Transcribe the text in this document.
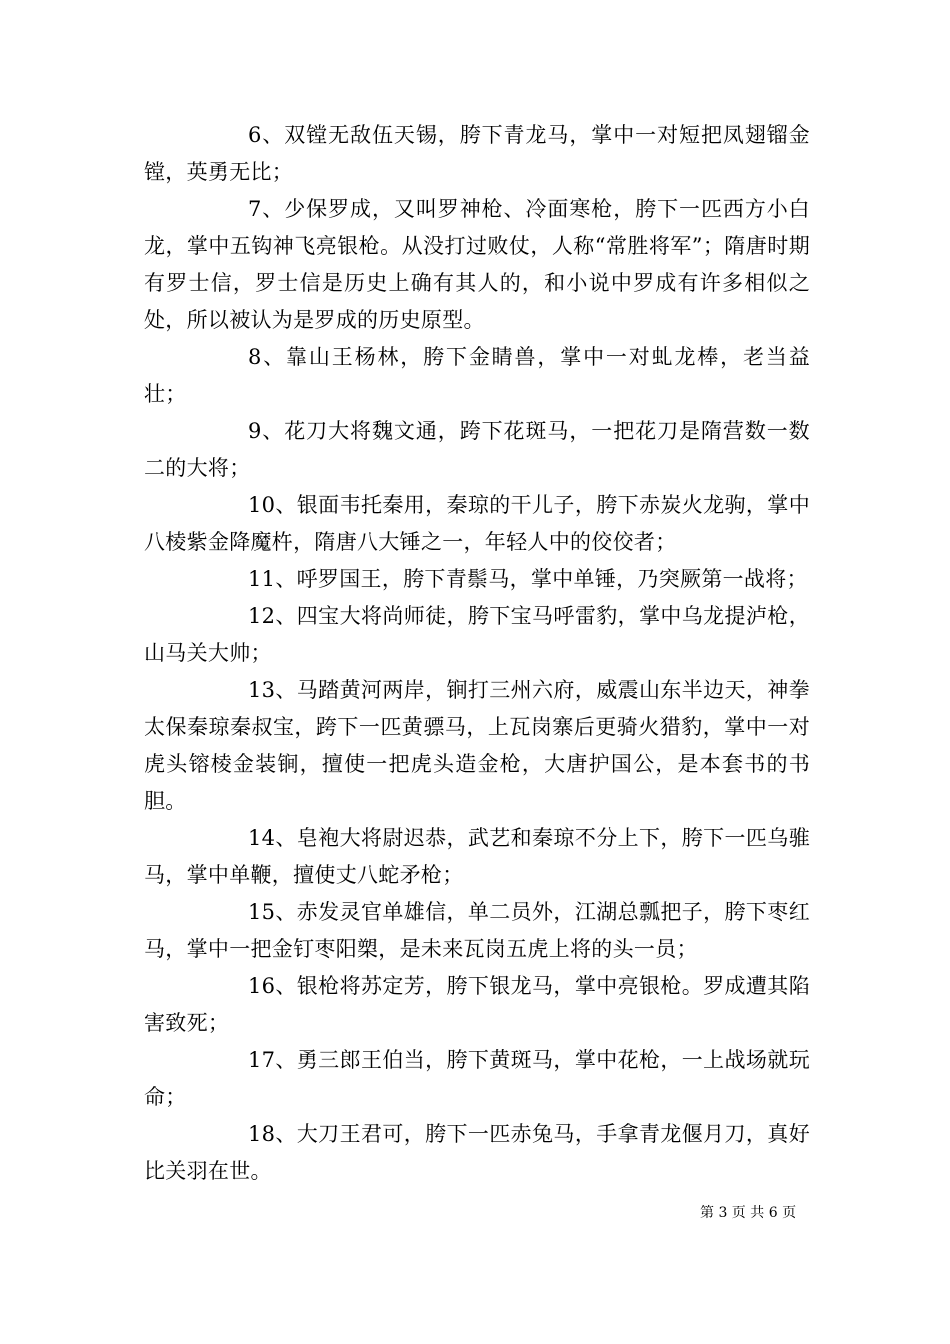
6、双镗无敌伍天锡，胯下青龙马，掌中一对短把凤翅镏金镗，英勇无比；

7、少保罗成，又叫罗神枪、冷面寒枪，胯下一匹西方小白龙，掌中五钩神飞亮银枪。从没打过败仗，人称“常胜将军”；隋唐时期有罗士信，罗士信是历史上确有其人的，和小说中罗成有许多相似之处，所以被认为是罗成的历史原型。

8、靠山王杨林，胯下金睛兽，掌中一对虬龙棒，老当益壮；

9、花刀大将魏文通，跨下花斑马，一把花刀是隋营数一数二的大将；

10、银面韦托秦用，秦琼的干儿子，胯下赤炭火龙驹，掌中八棱紫金降魔杵，隋唐八大锤之一，年轻人中的佼佼者；

11、呼罗国王，胯下青鬃马，掌中单锤，乃突厥第一战将；

12、四宝大将尚师徒，胯下宝马呼雷豹，掌中乌龙提泸枪，山马关大帅；

13、马踏黄河两岸，锏打三州六府，威震山东半边天，神拳太保秦琼秦叔宝，跨下一匹黄骠马，上瓦岗寨后更骑火猎豹，掌中一对虎头镕棱金装锏，擅使一把虎头造金枪，大唐护国公，是本套书的书胆。

14、皂袍大将尉迟恭，武艺和秦琼不分上下，胯下一匹乌骓马，掌中单鞭，擅使丈八蛇矛枪；

15、赤发灵官单雄信，单二员外，江湖总瓢把子，胯下枣红马，掌中一把金钉枣阳槊，是未来瓦岗五虎上将的头一员；

16、银枪将苏定芳，胯下银龙马，掌中亮银枪。罗成遭其陷害致死；

17、勇三郎王伯当，胯下黄斑马，掌中花枪，一上战场就玩命；

18、大刀王君可，胯下一匹赤兔马，手拿青龙偃月刀，真好比关羽在世。

第 3 页 共 6 页
